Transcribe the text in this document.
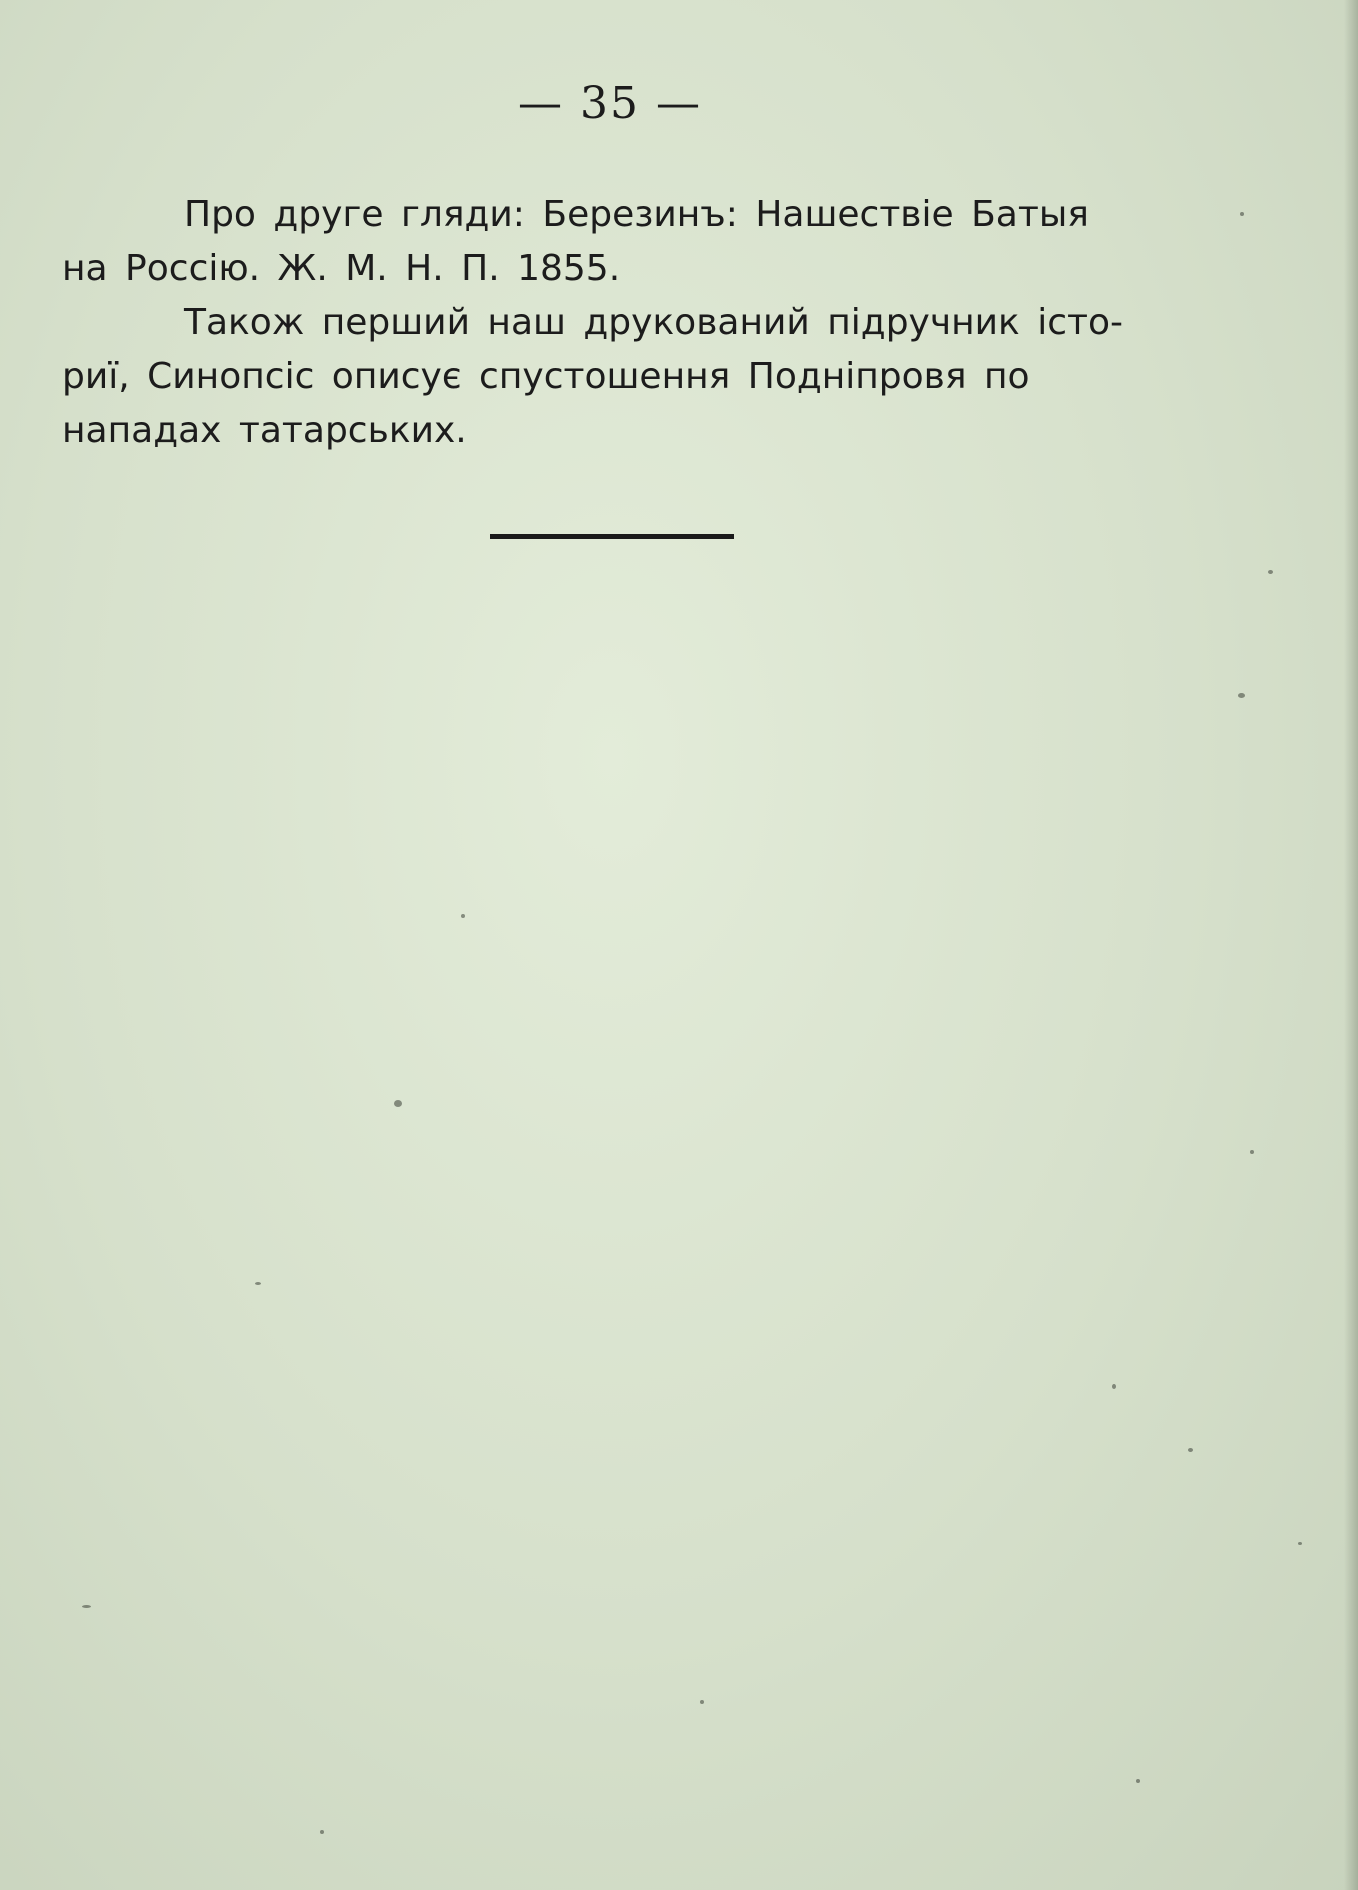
— 35 —

Про друге гляди: Березинъ: Нашествіе Батыя
на Россію. Ж. М. Н. П. 1855.

Також перший наш друкований підручник істо-
риї, Синопсіс описує спустошення Подніпровя по
нападах татарських.
